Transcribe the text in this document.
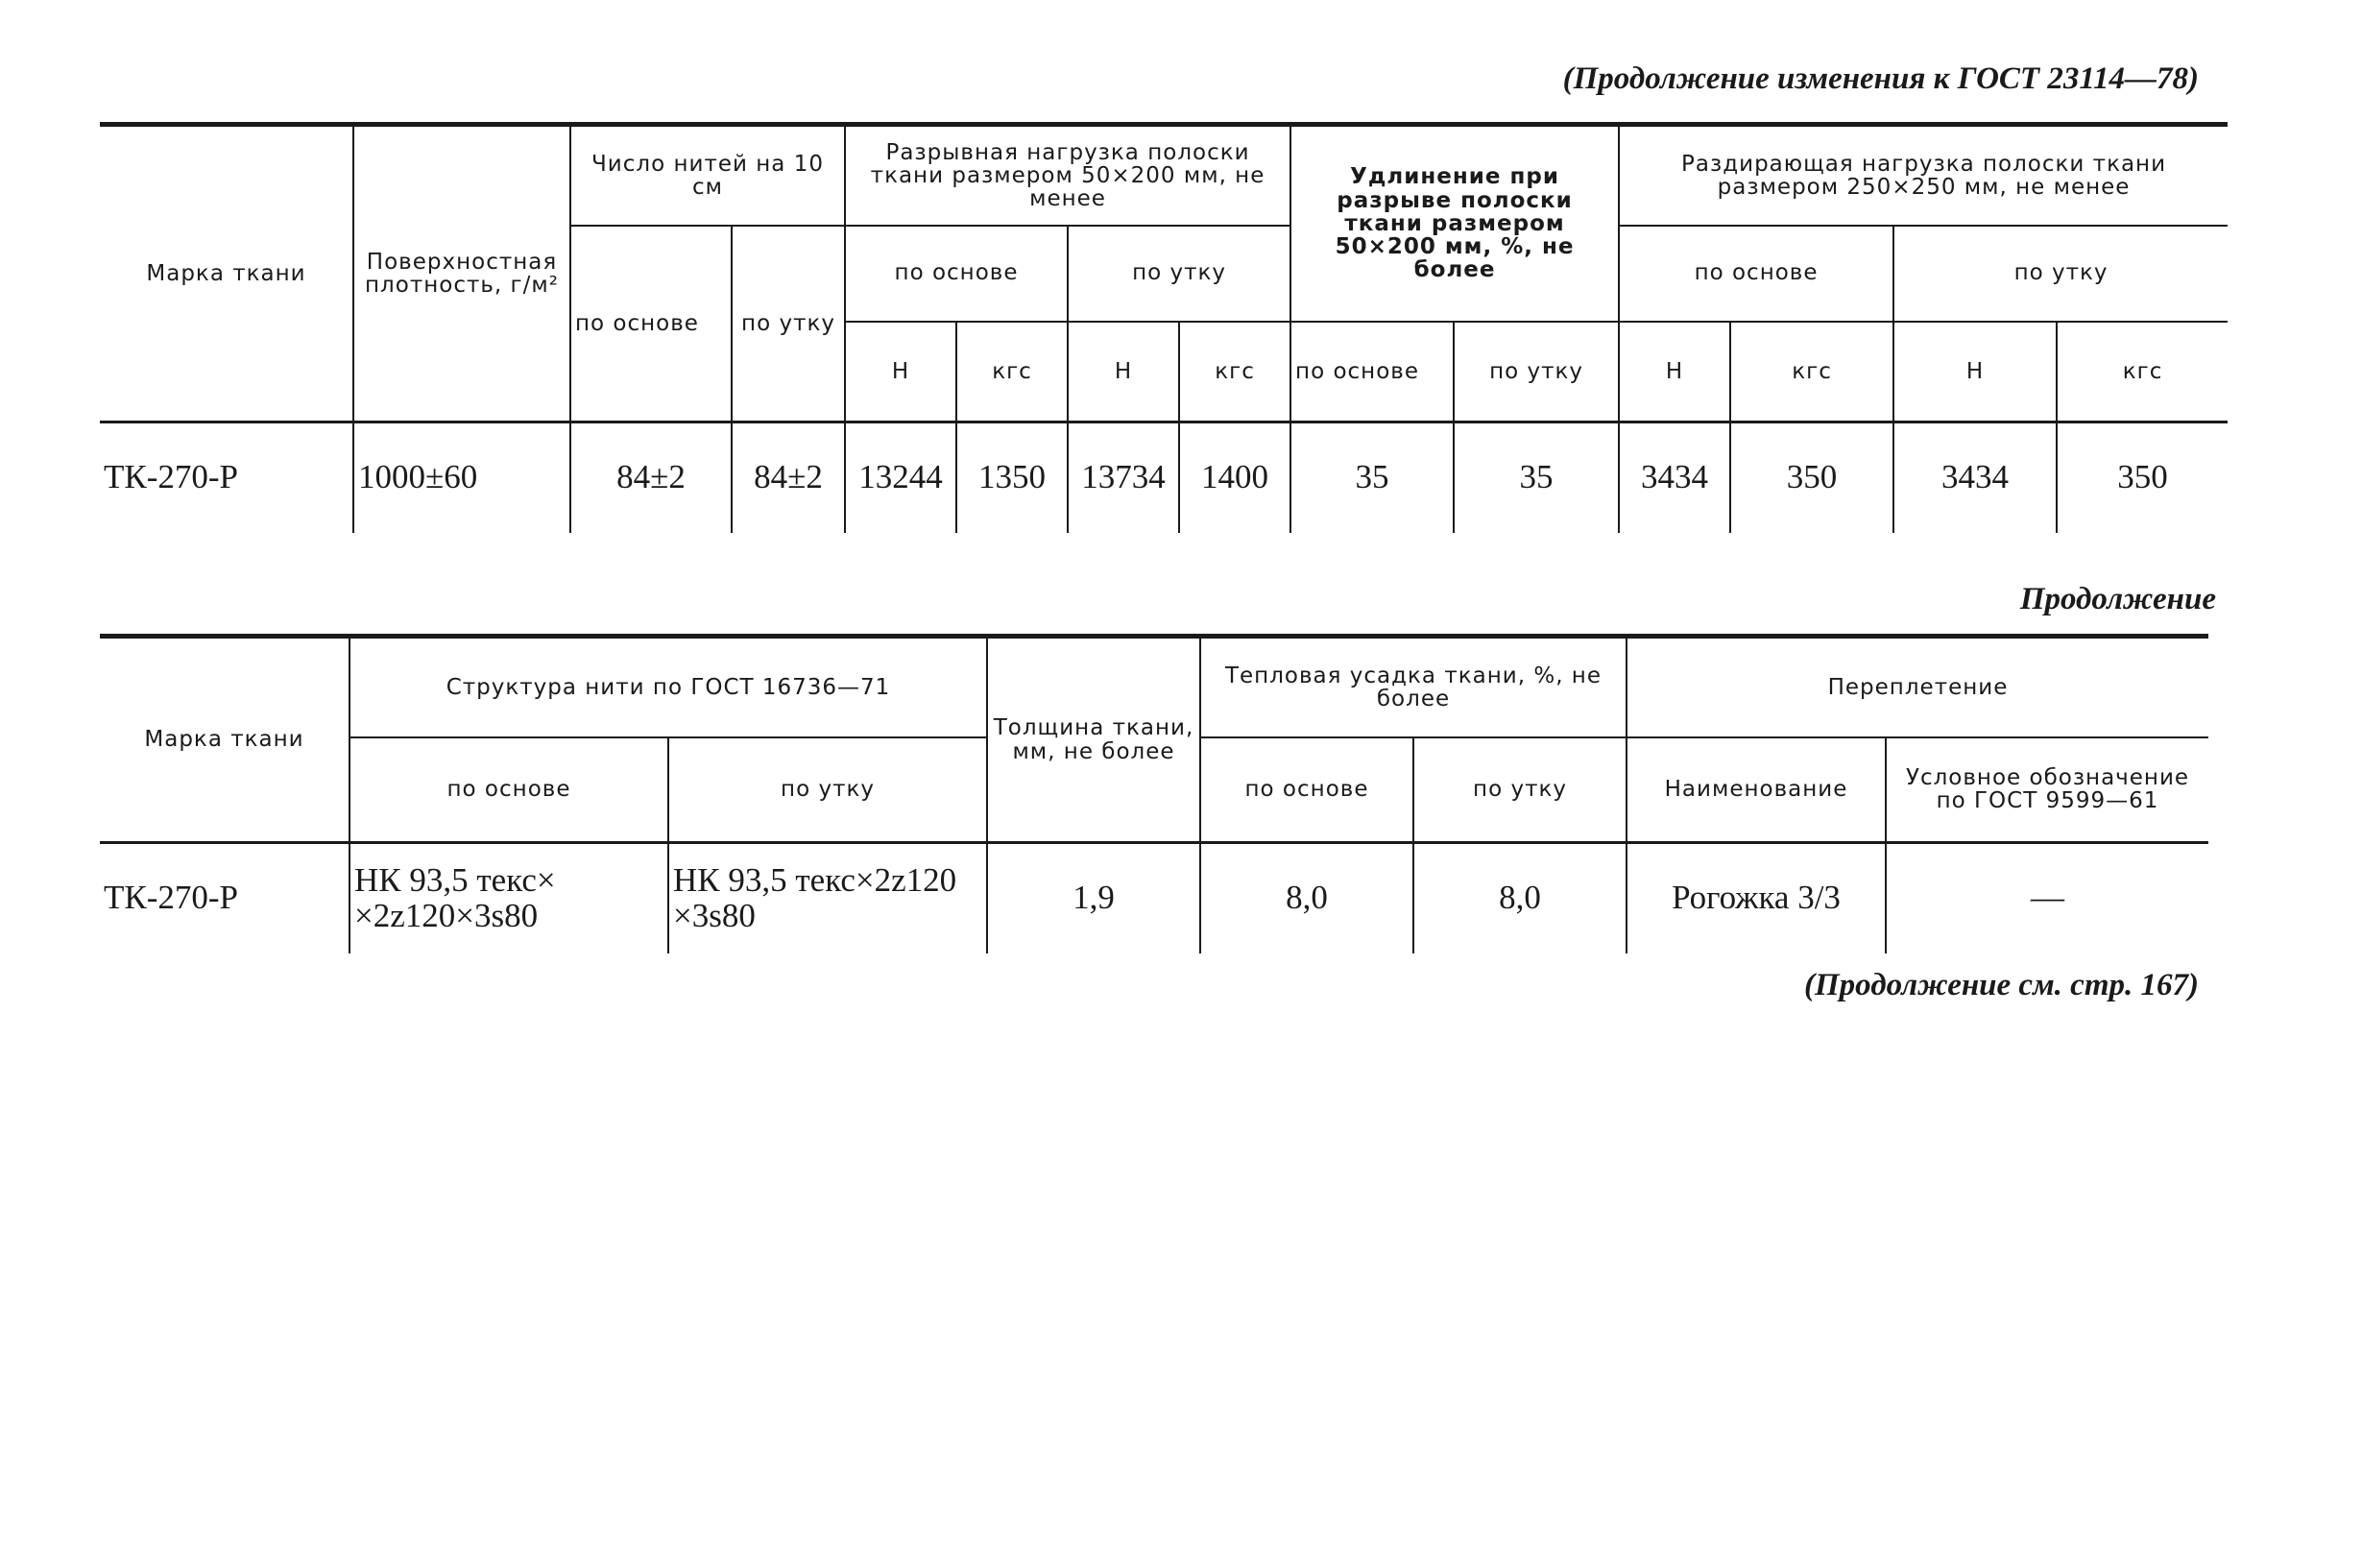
(Продолжение изменения к ГОСТ 23114—78)
Марка ткани	Поверхностная плотность, г/м²	Число нитей на 10 см		Разрывная нагрузка полоски ткани размером 50×200 мм, не менее				Удлинение при разрыве полоски ткани размером 50×200 мм, %, не более		Раздирающая нагрузка полоски ткани размером 250×250 мм, не менее			
		по основе	по утку	по основе		по утку				по основе		по утку	
				Н	кгс	Н	кгс	по основе	по утку	Н	кгс	Н	кгс
ТК-270-Р	1000±60	84±2	84±2	13244	1350	13734	1400	35	35	3434	350	3434	350
Продолжение
Марка ткани	Структура нити по ГОСТ 16736—71		Толщина ткани, мм, не более	Тепловая усадка ткани, %, не более		Переплетение	
	по основе	по утку		по основе	по утку	Наименование	Условное обозначение по ГОСТ 9599—61
ТК-270-Р	НК 93,5 текс× ×2z120×3s80	НК 93,5 текс×2z120 ×3s80	1,9	8,0	8,0	Рогожка 3/3	—
(Продолжение см. стр. 167)
